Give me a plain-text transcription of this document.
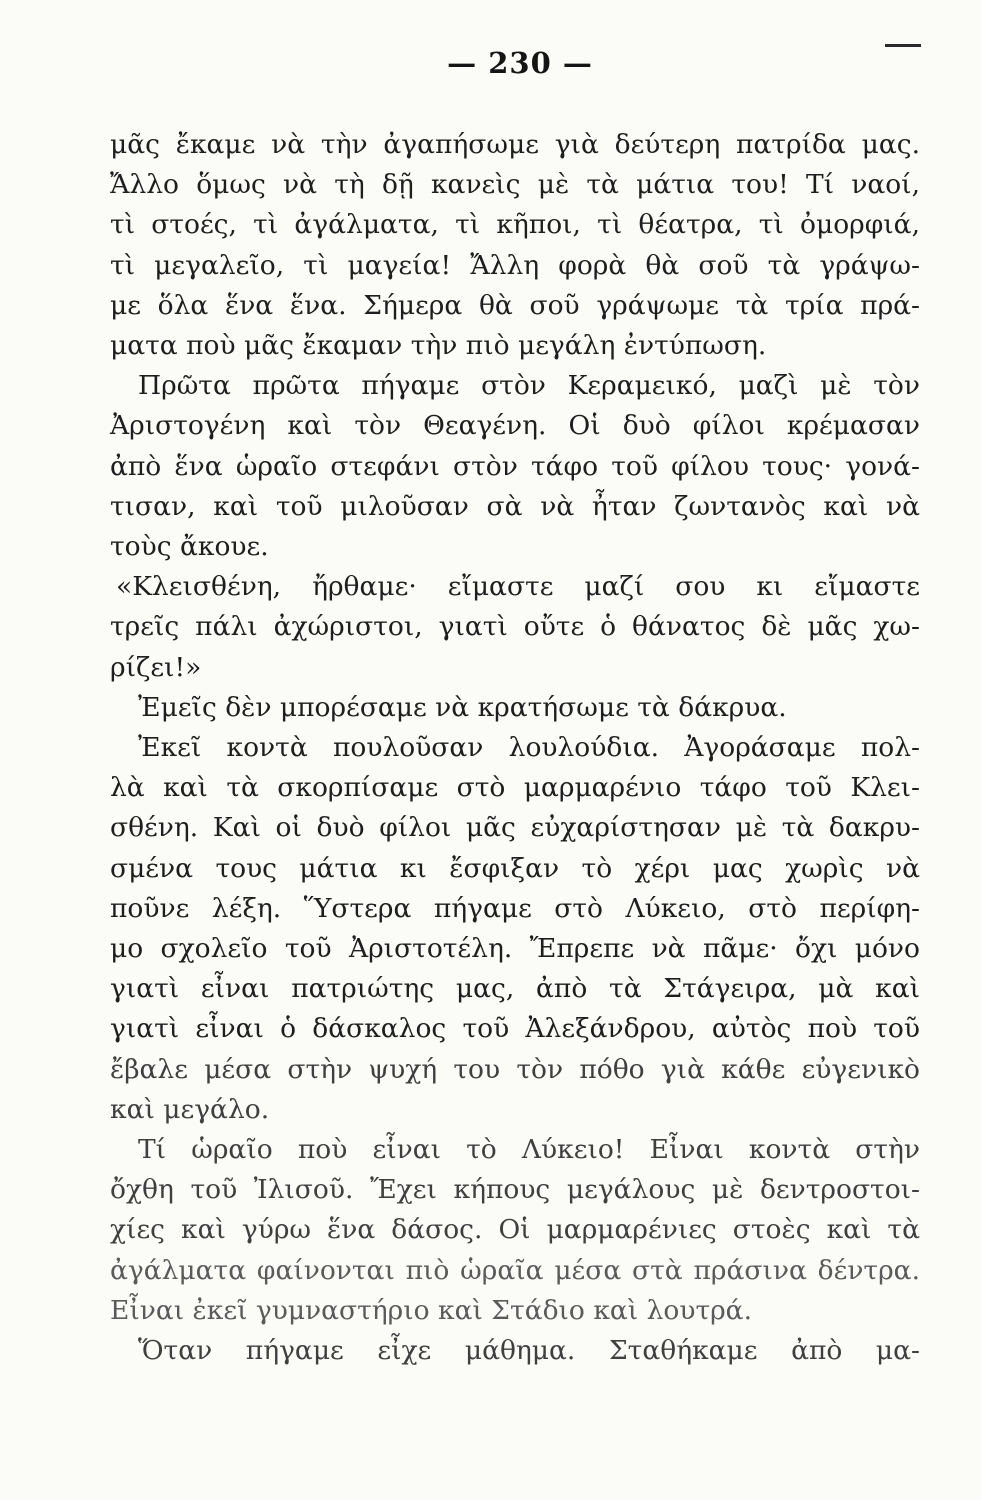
— 230 —
μᾶς ἔκαμε νὰ τὴν ἀγαπήσωμε γιὰ δεύτερη πατρίδα μας.
Ἄλλο ὅμως νὰ τὴ δῇ κανεὶς μὲ τὰ μάτια του! Τί ναοί,
τὶ στοές, τὶ ἀγάλματα, τὶ κῆποι, τὶ θέατρα, τὶ ὀμορφιά,
τὶ μεγαλεῖο, τὶ μαγεία! Ἄλλη φορὰ θὰ σοῦ τὰ γράψω-
με ὅλα ἕνα ἕνα. Σήμερα θὰ σοῦ γράψωμε τὰ τρία πρά-
ματα ποὺ μᾶς ἔκαμαν τὴν πιὸ μεγάλη ἐντύπωση.
Πρῶτα πρῶτα πήγαμε στὸν Κεραμεικό, μαζὶ μὲ τὸν
Ἀριστογένη καὶ τὸν Θεαγένη. Οἱ δυὸ φίλοι κρέμασαν
ἀπὸ ἕνα ὡραῖο στεφάνι στὸν τάφο τοῦ φίλου τους· γονά-
τισαν, καὶ τοῦ μιλοῦσαν σὰ νὰ ἦταν ζωντανὸς καὶ νὰ
τοὺς ἄκουε.
«Κλεισθένη, ἤρθαμε· εἴμαστε μαζί σου κι εἴμαστε
τρεῖς πάλι ἀχώριστοι, γιατὶ οὔτε ὁ θάνατος δὲ μᾶς χω-
ρίζει!»
Ἐμεῖς δὲν μπορέσαμε νὰ κρατήσωμε τὰ δάκρυα.
Ἐκεῖ κοντὰ πουλοῦσαν λουλούδια. Ἀγοράσαμε πολ-
λὰ καὶ τὰ σκορπίσαμε στὸ μαρμαρένιο τάφο τοῦ Κλει-
σθένη. Καὶ οἱ δυὸ φίλοι μᾶς εὐχαρίστησαν μὲ τὰ δακρυ-
σμένα τους μάτια κι ἔσφιξαν τὸ χέρι μας χωρὶς νὰ
ποῦνε λέξη. Ὕστερα πήγαμε στὸ Λύκειο, στὸ περίφη-
μο σχολεῖο τοῦ Ἀριστοτέλη. Ἔπρεπε νὰ πᾶμε· ὄχι μόνο
γιατὶ εἶναι πατριώτης μας, ἀπὸ τὰ Στάγειρα, μὰ καὶ
γιατὶ εἶναι ὁ δάσκαλος τοῦ Ἀλεξάνδρου, αὐτὸς ποὺ τοῦ
ἔβαλε μέσα στὴν ψυχή του τὸν πόθο γιὰ κάθε εὐγενικὸ
καὶ μεγάλο.
Τί ὡραῖο ποὺ εἶναι τὸ Λύκειο! Εἶναι κοντὰ στὴν
ὄχθη τοῦ Ἰλισοῦ. Ἔχει κήπους μεγάλους μὲ δεντροστοι-
χίες καὶ γύρω ἕνα δάσος. Οἱ μαρμαρένιες στοὲς καὶ τὰ
ἀγάλματα φαίνονται πιὸ ὡραῖα μέσα στὰ πράσινα δέντρα.
Εἶναι ἐκεῖ γυμναστήριο καὶ Στάδιο καὶ λουτρά.
Ὅταν πήγαμε εἶχε μάθημα. Σταθήκαμε ἀπὸ μα-
